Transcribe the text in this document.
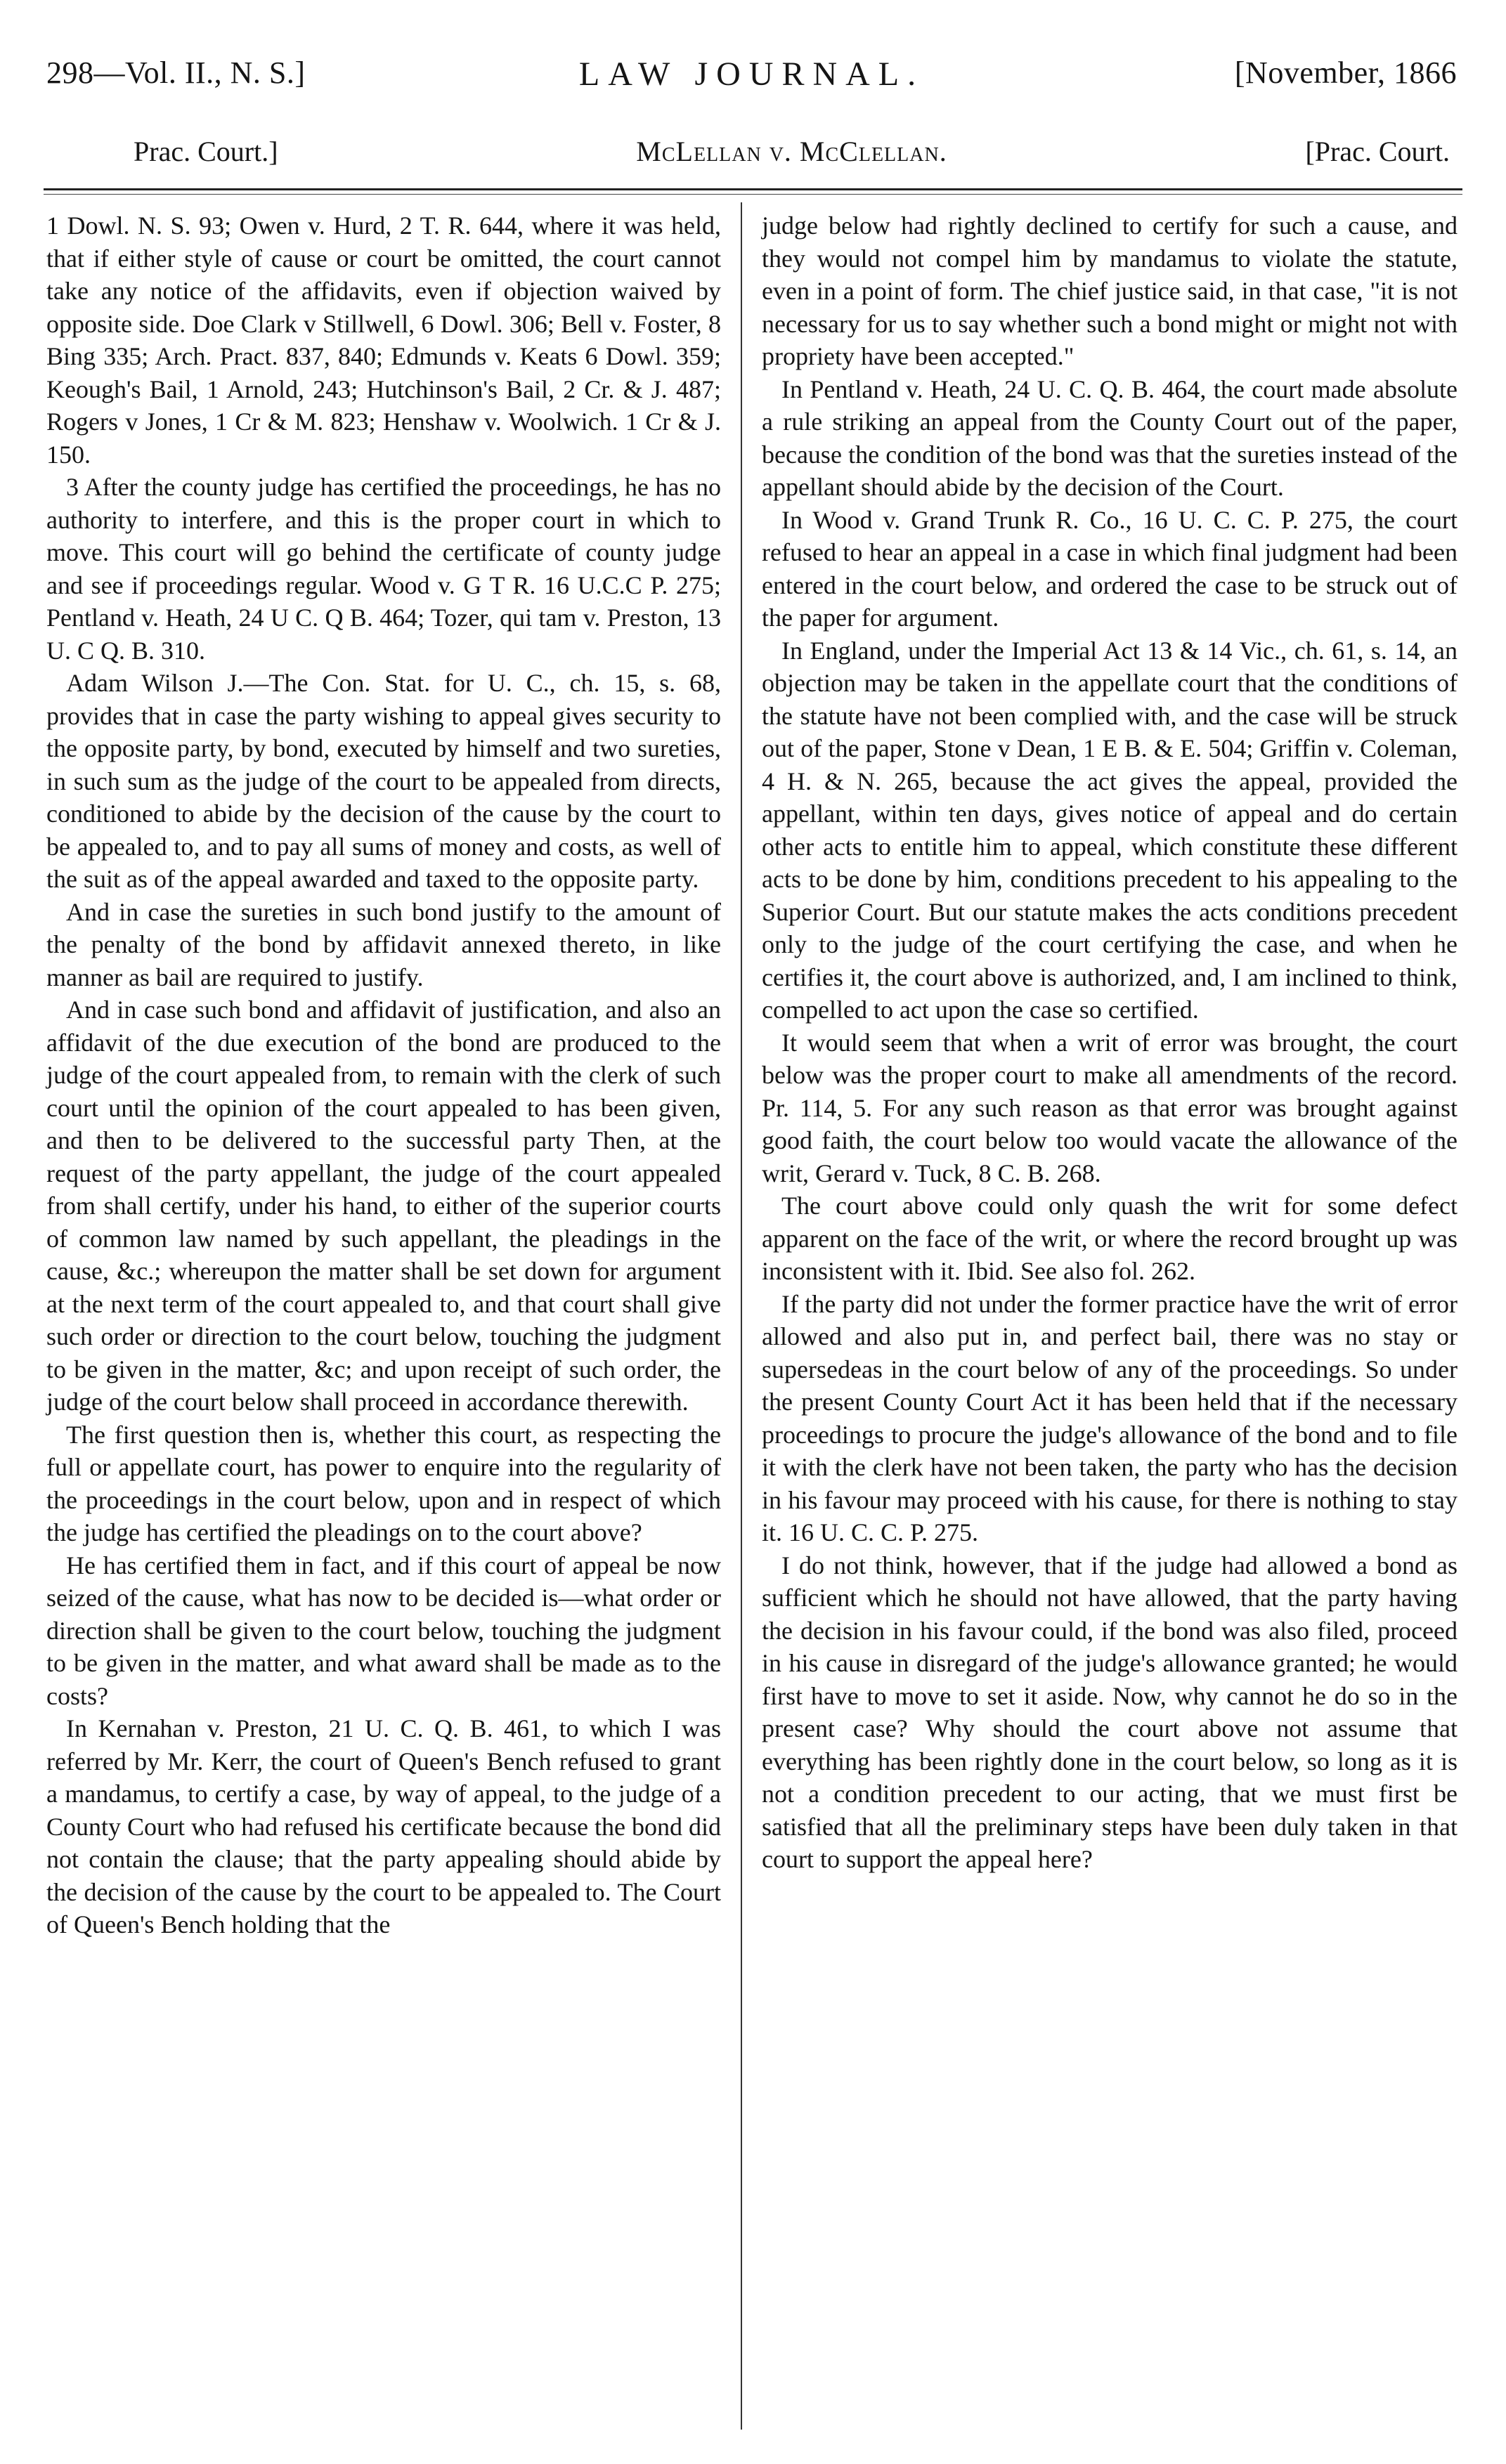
298—Vol. II., N. S.]	LAW JOURNAL.	[November, 1866
Prac. Court.]	McLellan v. McClellan.	[Prac. Court.

1 Dowl. N. S. 93; Owen v. Hurd, 2 T. R. 644, where it was held, that if either style of cause or court be omitted, the court cannot take any notice of the affidavits, even if objection waived by opposite side. Doe Clark v Stillwell, 6 Dowl. 306; Bell v. Foster, 8 Bing 335; Arch. Pract. 837, 840; Edmunds v. Keats 6 Dowl. 359; Keough's Bail, 1 Arnold, 243; Hutchinson's Bail, 2 Cr. & J. 487; Rogers v Jones, 1 Cr & M. 823; Henshaw v. Woolwich. 1 Cr & J. 150.

3 After the county judge has certified the proceedings, he has no authority to interfere, and this is the proper court in which to move. This court will go behind the certificate of county judge and see if proceedings regular. Wood v. G T R. 16 U.C.C P. 275; Pentland v. Heath, 24 U C. Q B. 464; Tozer, qui tam v. Preston, 13 U. C Q. B. 310.

Adam Wilson J.—The Con. Stat. for U. C., ch. 15, s. 68, provides that in case the party wishing to appeal gives security to the opposite party, by bond, executed by himself and two sureties, in such sum as the judge of the court to be appealed from directs, conditioned to abide by the decision of the cause by the court to be appealed to, and to pay all sums of money and costs, as well of the suit as of the appeal awarded and taxed to the opposite party.

And in case the sureties in such bond justify to the amount of the penalty of the bond by affidavit annexed thereto, in like manner as bail are required to justify.

And in case such bond and affidavit of justification, and also an affidavit of the due execution of the bond are produced to the judge of the court appealed from, to remain with the clerk of such court until the opinion of the court appealed to has been given, and then to be delivered to the successful party Then, at the request of the party appellant, the judge of the court appealed from shall certify, under his hand, to either of the superior courts of common law named by such appellant, the pleadings in the cause, &c.; whereupon the matter shall be set down for argument at the next term of the court appealed to, and that court shall give such order or direction to the court below, touching the judgment to be given in the matter, &c; and upon receipt of such order, the judge of the court below shall proceed in accordance therewith.

The first question then is, whether this court, as respecting the full or appellate court, has power to enquire into the regularity of the proceedings in the court below, upon and in respect of which the judge has certified the pleadings on to the court above?

He has certified them in fact, and if this court of appeal be now seized of the cause, what has now to be decided is—what order or direction shall be given to the court below, touching the judgment to be given in the matter, and what award shall be made as to the costs?

In Kernahan v. Preston, 21 U. C. Q. B. 461, to which I was referred by Mr. Kerr, the court of Queen's Bench refused to grant a mandamus, to certify a case, by way of appeal, to the judge of a County Court who had refused his certificate because the bond did not contain the clause; that the party appealing should abide by the decision of the cause by the court to be appealed to. The Court of Queen's Bench holding that the

judge below had rightly declined to certify for such a cause, and they would not compel him by mandamus to violate the statute, even in a point of form. The chief justice said, in that case, "it is not necessary for us to say whether such a bond might or might not with propriety have been accepted."

In Pentland v. Heath, 24 U. C. Q. B. 464, the court made absolute a rule striking an appeal from the County Court out of the paper, because the condition of the bond was that the sureties instead of the appellant should abide by the decision of the Court.

In Wood v. Grand Trunk R. Co., 16 U. C. C. P. 275, the court refused to hear an appeal in a case in which final judgment had been entered in the court below, and ordered the case to be struck out of the paper for argument.

In England, under the Imperial Act 13 & 14 Vic., ch. 61, s. 14, an objection may be taken in the appellate court that the conditions of the statute have not been complied with, and the case will be struck out of the paper, Stone v Dean, 1 E B. & E. 504; Griffin v. Coleman, 4 H. & N. 265, because the act gives the appeal, provided the appellant, within ten days, gives notice of appeal and do certain other acts to entitle him to appeal, which constitute these different acts to be done by him, conditions precedent to his appealing to the Superior Court. But our statute makes the acts conditions precedent only to the judge of the court certifying the case, and when he certifies it, the court above is authorized, and, I am inclined to think, compelled to act upon the case so certified.

It would seem that when a writ of error was brought, the court below was the proper court to make all amendments of the record. Pr. 114, 5. For any such reason as that error was brought against good faith, the court below too would vacate the allowance of the writ, Gerard v. Tuck, 8 C. B. 268.

The court above could only quash the writ for some defect apparent on the face of the writ, or where the record brought up was inconsistent with it. Ibid. See also fol. 262.

If the party did not under the former practice have the writ of error allowed and also put in, and perfect bail, there was no stay or supersedeas in the court below of any of the proceedings. So under the present County Court Act it has been held that if the necessary proceedings to procure the judge's allowance of the bond and to file it with the clerk have not been taken, the party who has the decision in his favour may proceed with his cause, for there is nothing to stay it. 16 U. C. C. P. 275.

I do not think, however, that if the judge had allowed a bond as sufficient which he should not have allowed, that the party having the decision in his favour could, if the bond was also filed, proceed in his cause in disregard of the judge's allowance granted; he would first have to move to set it aside. Now, why cannot he do so in the present case? Why should the court above not assume that everything has been rightly done in the court below, so long as it is not a condition precedent to our acting, that we must first be satisfied that all the preliminary steps have been duly taken in that court to support the appeal here?
